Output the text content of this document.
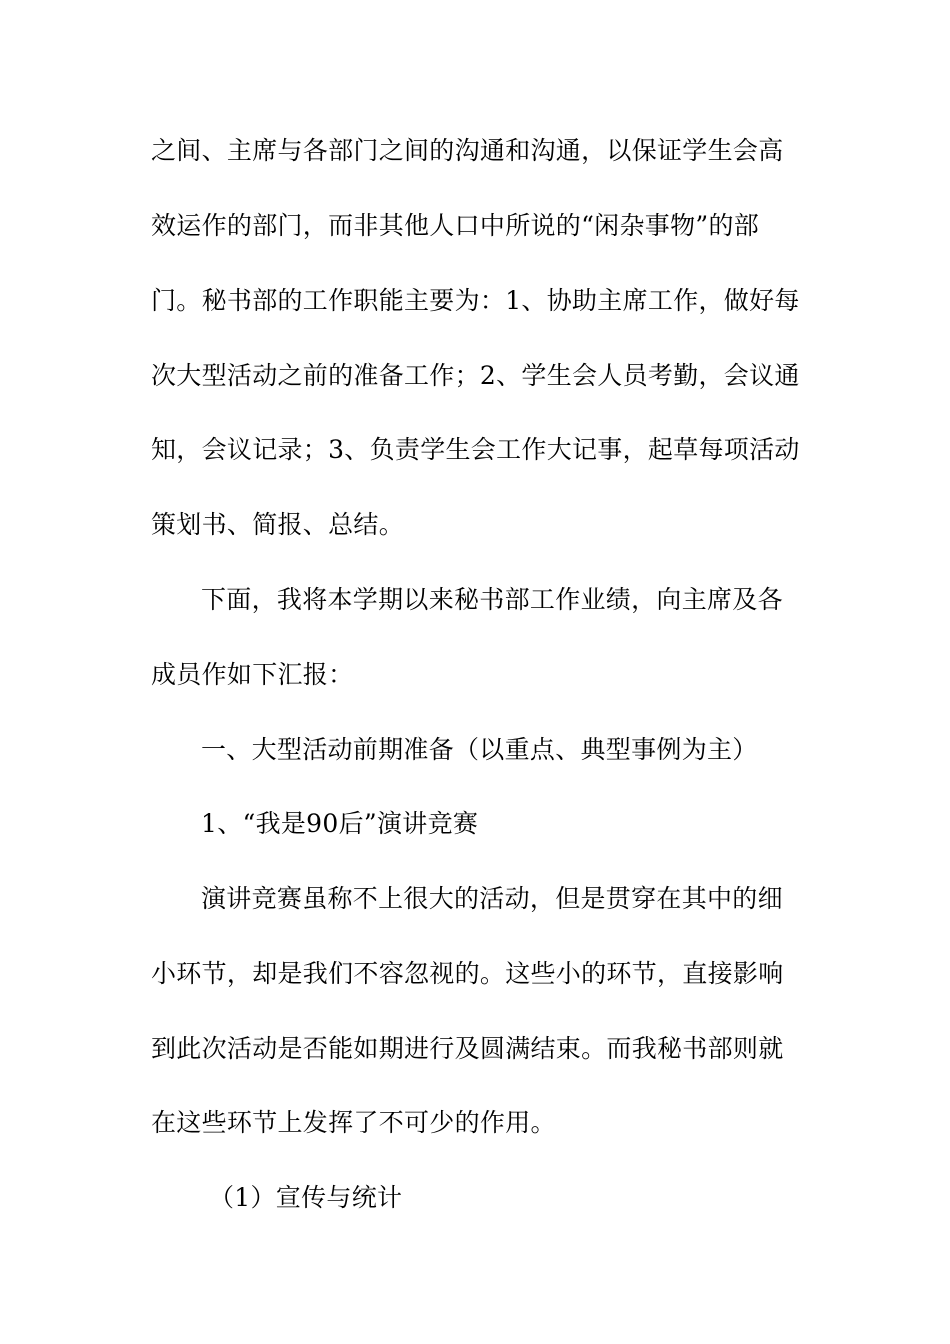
之间、主席与各部门之间的沟通和沟通，以保证学生会高
效运作的部门，而非其他人口中所说的“闲杂事物”的部
门。秘书部的工作职能主要为：1、协助主席工作，做好每
次大型活动之前的准备工作；2、学生会人员考勤，会议通
知，会议记录；3、负责学生会工作大记事，起草每项活动
策划书、简报、总结。
下面，我将本学期以来秘书部工作业绩，向主席及各
成员作如下汇报：
一、大型活动前期准备（以重点、典型事例为主）
1、“我是90后”演讲竞赛
演讲竞赛虽称不上很大的活动，但是贯穿在其中的细
小环节，却是我们不容忽视的。这些小的环节，直接影响
到此次活动是否能如期进行及圆满结束。而我秘书部则就
在这些环节上发挥了不可少的作用。
（1）宣传与统计
